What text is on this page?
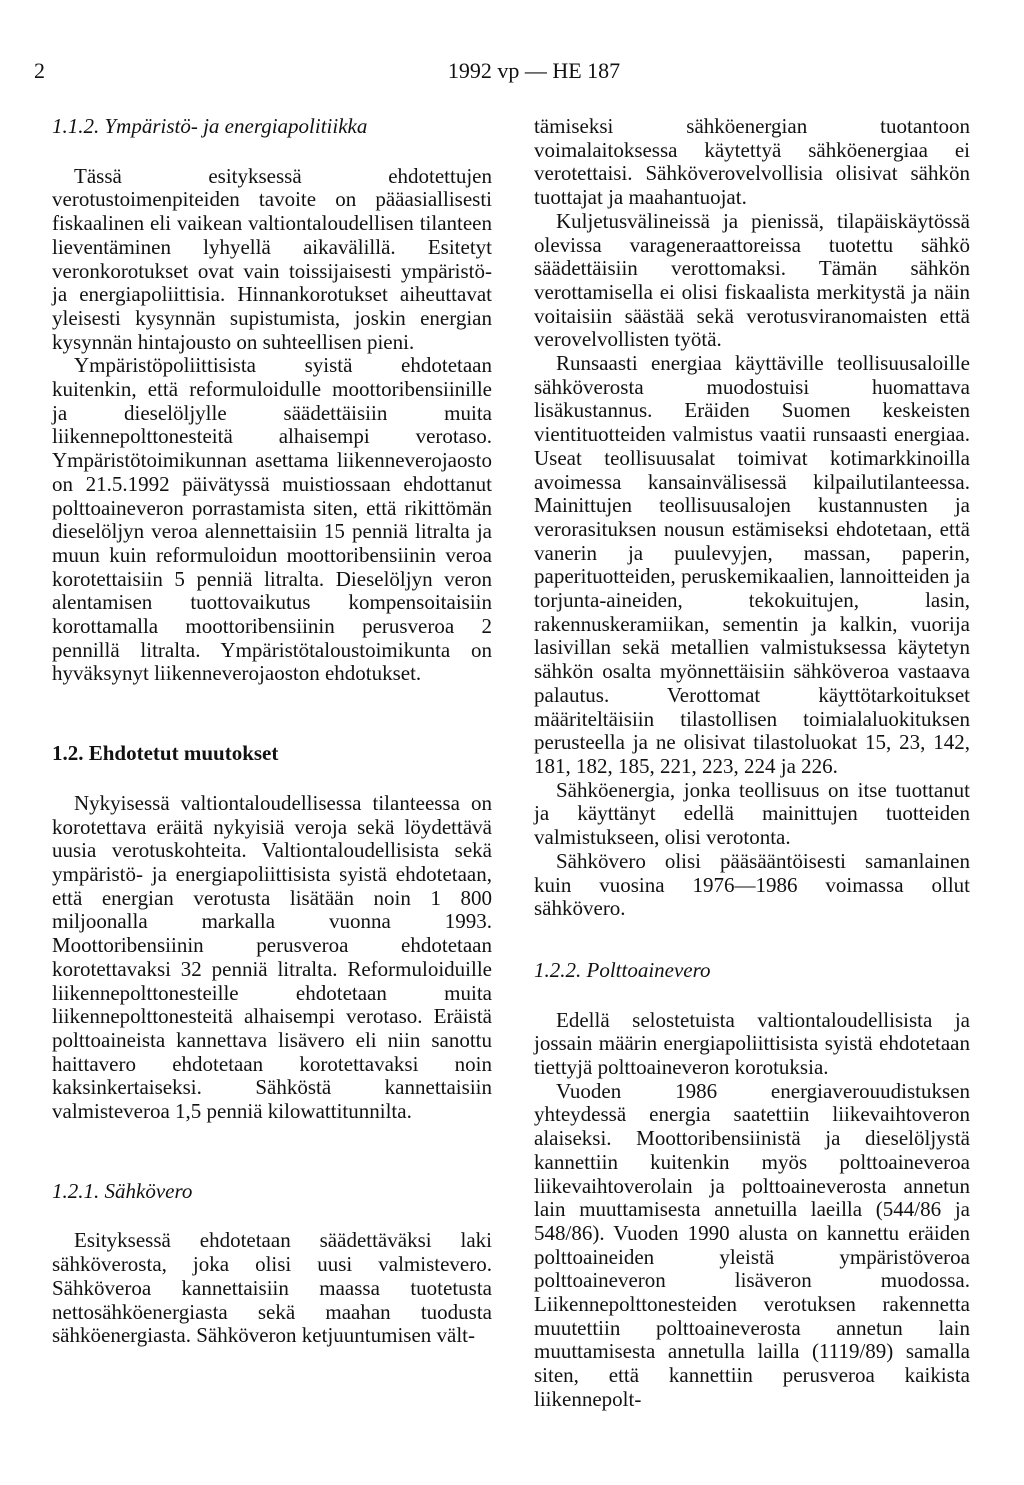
2	1992 vp — HE 187
1.1.2. Ympäristö- ja energiapolitiikka

Tässä esityksessä ehdotettujen verotustoimenpiteiden tavoite on pääasiallisesti fiskaalinen eli vaikean valtiontaloudellisen tilanteen lieventäminen lyhyellä aikavälillä. Esitetyt veronkorotukset ovat vain toissijaisesti ympäristö- ja energiapoliittisia. Hinnankorotukset aiheuttavat yleisesti kysynnän supistumista, joskin energian kysynnän hintajousto on suhteellisen pieni.

Ympäristöpoliittisista syistä ehdotetaan kuitenkin, että reformuloidulle moottoribensiinille ja dieselöljylle säädettäisiin muita liikennepolttonesteitä alhaisempi verotaso. Ympäristötoimikunnan asettama liikenneverojaosto on 21.5.1992 päivätyssä muistiossaan ehdottanut polttoaineveron porrastamista siten, että rikittömän dieselöljyn veroa alennettaisiin 15 penniä litralta ja muun kuin reformuloidun moottoribensiinin veroa korotettaisiin 5 penniä litralta. Dieselöljyn veron alentamisen tuottovaikutus kompensoitaisiin korottamalla moottoribensiinin perusveroa 2 pennillä litralta. Ympäristötaloustoimikunta on hyväksynyt liikenneverojaoston ehdotukset.

1.2. Ehdotetut muutokset

Nykyisessä valtiontaloudellisessa tilanteessa on korotettava eräitä nykyisiä veroja sekä löydettävä uusia verotuskohteita. Valtiontaloudellisista sekä ympäristö- ja energiapoliittisista syistä ehdotetaan, että energian verotusta lisätään noin 1 800 miljoonalla markalla vuonna 1993. Moottoribensiinin perusveroa ehdotetaan korotettavaksi 32 penniä litralta. Reformuloiduille liikennepolttonesteille ehdotetaan muita liikennepolttonesteitä alhaisempi verotaso. Eräistä polttoaineista kannettava lisävero eli niin sanottu haittavero ehdotetaan korotettavaksi noin kaksinkertaiseksi. Sähköstä kannettaisiin valmisteveroa 1,5 penniä kilowattitunnilta.

1.2.1. Sähkövero

Esityksessä ehdotetaan säädettäväksi laki sähköverosta, joka olisi uusi valmistevero. Sähköveroa kannettaisiin maassa tuotetusta nettosähköenergiasta sekä maahan tuodusta sähköenergiasta. Sähköveron ketjuuntumisen vält-

tämiseksi sähköenergian tuotantoon voimalaitoksessa käytettyä sähköenergiaa ei verotettaisi. Sähköverovelvollisia olisivat sähkön tuottajat ja maahantuojat.

Kuljetusvälineissä ja pienissä, tilapäiskäytössä olevissa varageneraattoreissa tuotettu sähkö säädettäisiin verottomaksi. Tämän sähkön verottamisella ei olisi fiskaalista merkitystä ja näin voitaisiin säästää sekä verotusviranomaisten että verovelvollisten työtä.

Runsaasti energiaa käyttäville teollisuusaloille sähköverosta muodostuisi huomattava lisäkustannus. Eräiden Suomen keskeisten vientituotteiden valmistus vaatii runsaasti energiaa. Useat teollisuusalat toimivat kotimarkkinoilla avoimessa kansainvälisessä kilpailutilanteessa. Mainittujen teollisuusalojen kustannusten ja verorasituksen nousun estämiseksi ehdotetaan, että vanerin ja puulevyjen, massan, paperin, paperituotteiden, peruskemikaalien, lannoitteiden ja torjunta-aineiden, tekokuitujen, lasin, rakennuskeramiikan, sementin ja kalkin, vuorija lasivillan sekä metallien valmistuksessa käytetyn sähkön osalta myönnettäisiin sähköveroa vastaava palautus. Verottomat käyttötarkoitukset määriteltäisiin tilastollisen toimialaluokituksen perusteella ja ne olisivat tilastoluokat 15, 23, 142, 181, 182, 185, 221, 223, 224 ja 226.

Sähköenergia, jonka teollisuus on itse tuottanut ja käyttänyt edellä mainittujen tuotteiden valmistukseen, olisi verotonta.

Sähkövero olisi pääsääntöisesti samanlainen kuin vuosina 1976—1986 voimassa ollut sähkövero.

1.2.2. Polttoainevero

Edellä selostetuista valtiontaloudellisista ja jossain määrin energiapoliittisista syistä ehdotetaan tiettyjä polttoaineveron korotuksia.

Vuoden 1986 energiaverouudistuksen yhteydessä energia saatettiin liikevaihtoveron alaiseksi. Moottoribensiinistä ja dieselöljystä kannettiin kuitenkin myös polttoaineveroa liikevaihtoverolain ja polttoaineverosta annetun lain muuttamisesta annetuilla laeilla (544/86 ja 548/86). Vuoden 1990 alusta on kannettu eräiden polttoaineiden yleistä ympäristöveroa polttoaineveron lisäveron muodossa. Liikennepolttonesteiden verotuksen rakennetta muutettiin polttoaineverosta annetun lain muuttamisesta annetulla lailla (1119/89) samalla siten, että kannettiin perusveroa kaikista liikennepolt-
